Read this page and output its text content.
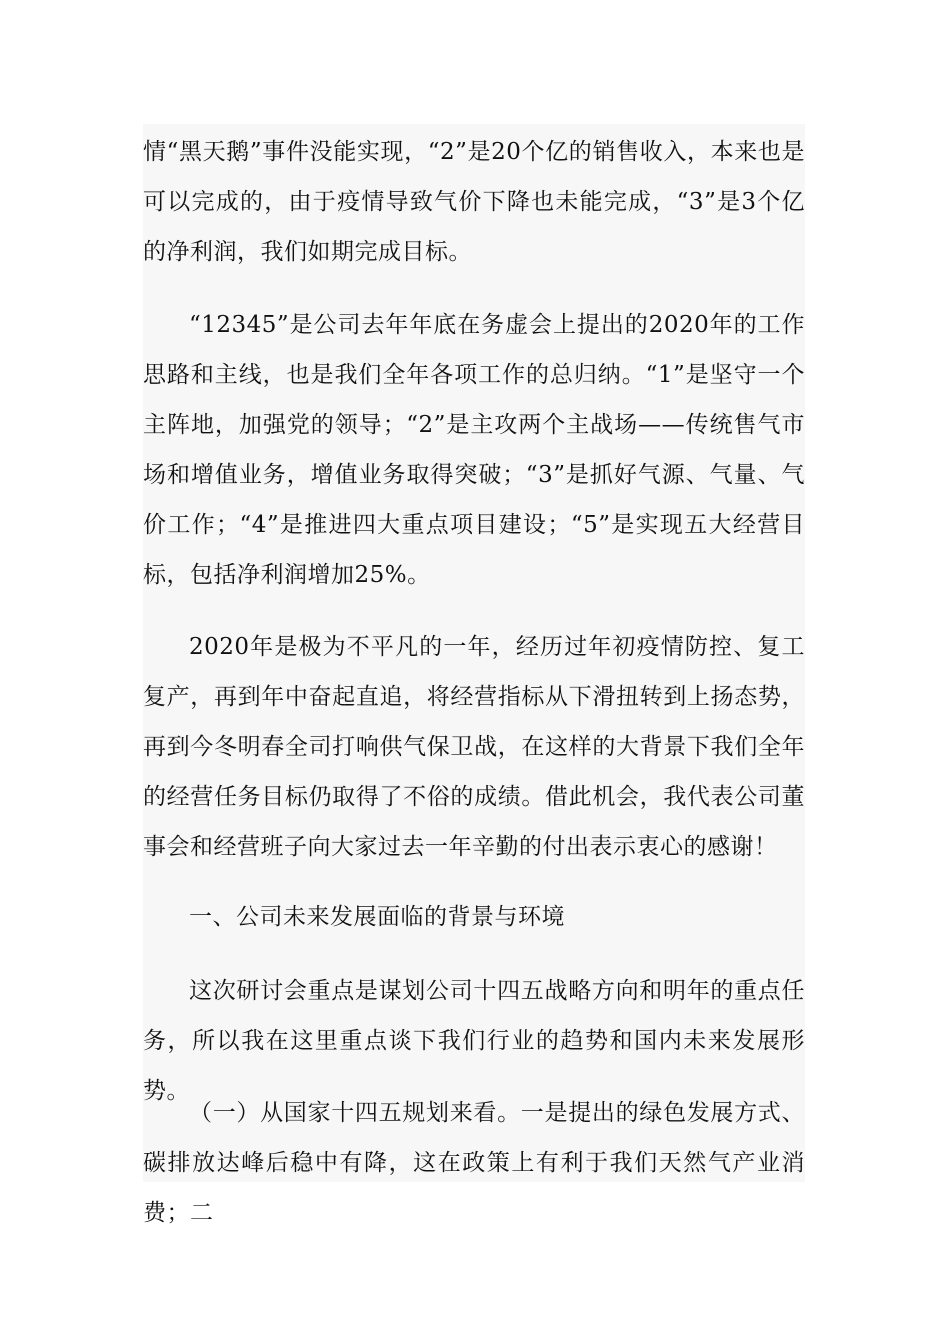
情“黑天鹅”事件没能实现，“2”是20个亿的销售收入，本来也是可以完成的，由于疫情导致气价下降也未能完成，“3”是3个亿的净利润，我们如期完成目标。

“12345”是公司去年年底在务虚会上提出的2020年的工作思路和主线，也是我们全年各项工作的总归纳。“1”是坚守一个主阵地，加强党的领导；“2”是主攻两个主战场——传统售气市场和增值业务，增值业务取得突破；“3”是抓好气源、气量、气价工作；“4”是推进四大重点项目建设；“5”是实现五大经营目标，包括净利润增加25%。

2020年是极为不平凡的一年，经历过年初疫情防控、复工复产，再到年中奋起直追，将经营指标从下滑扭转到上扬态势，再到今冬明春全司打响供气保卫战，在这样的大背景下我们全年的经营任务目标仍取得了不俗的成绩。借此机会，我代表公司董事会和经营班子向大家过去一年辛勤的付出表示衷心的感谢！

一、公司未来发展面临的背景与环境

这次研讨会重点是谋划公司十四五战略方向和明年的重点任务，所以我在这里重点谈下我们行业的趋势和国内未来发展形势。

（一）从国家十四五规划来看。一是提出的绿色发展方式、碳排放达峰后稳中有降，这在政策上有利于我们天然气产业消费；二
